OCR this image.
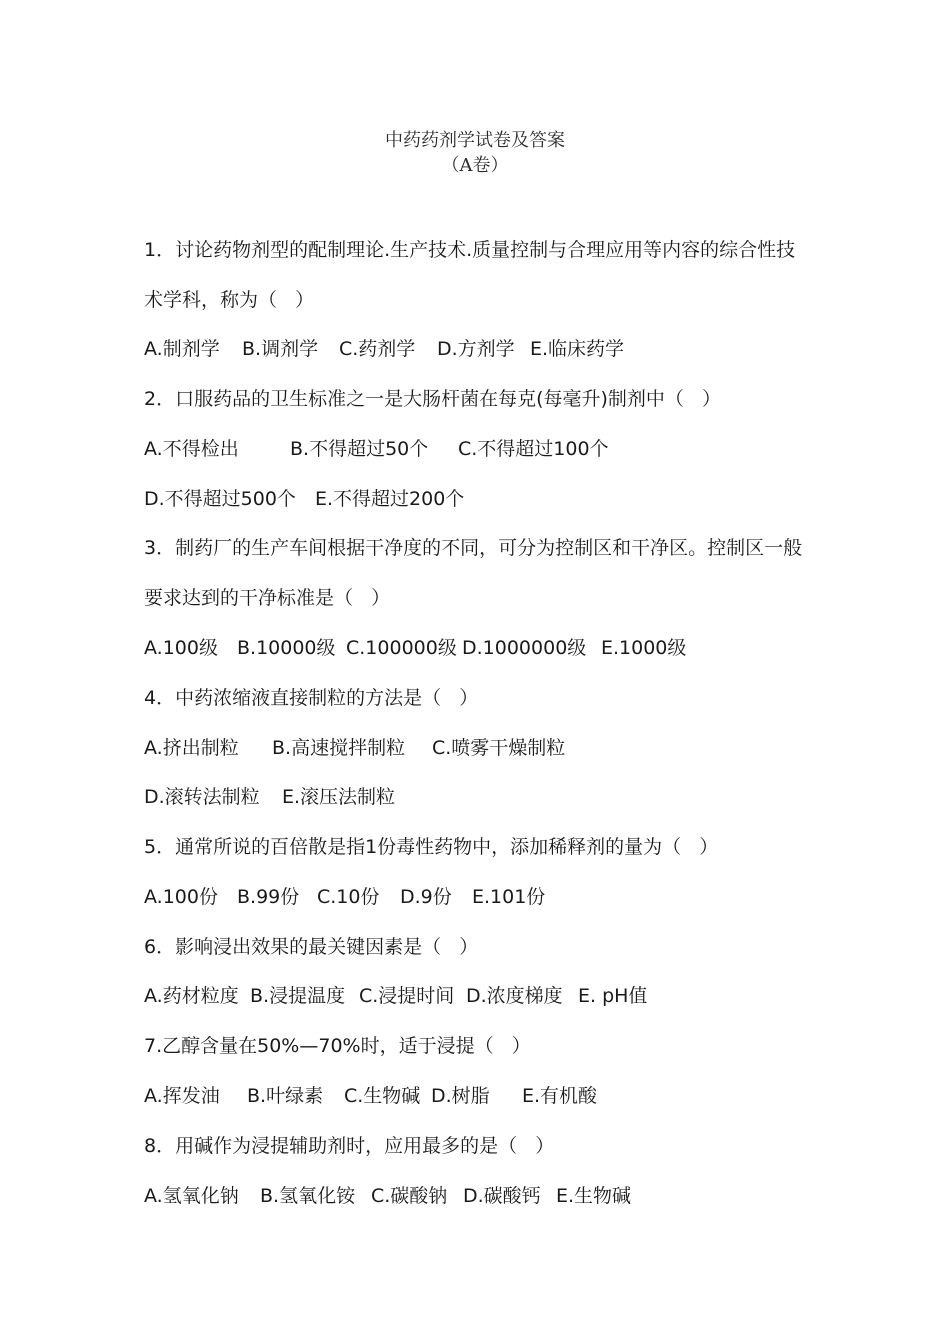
中药药剂学试卷及答案
（A卷）
1．讨论药物剂型的配制理论.生产技术.质量控制与合理应用等内容的综合性技
术学科，称为（   ）
A.制剂学 B.调剂学 C.药剂学 D.方剂学 E.临床药学
2．口服药品的卫生标准之一是大肠杆菌在每克(每毫升)制剂中（   ）
A.不得检出	B.不得超过50个 C.不得超过100个
D.不得超过500个 E.不得超过200个
3．制药厂的生产车间根据干净度的不同，可分为控制区和干净区。控制区一般
要求达到的干净标准是（   ）
A.100级 B.10000级 C.100000级 D.1000000级 E.1000级
4．中药浓缩液直接制粒的方法是（   ）
A.挤出制粒 B.高速搅拌制粒 C.喷雾干燥制粒
D.滚转法制粒 E.滚压法制粒
5．通常所说的百倍散是指1份毒性药物中，添加稀释剂的量为（   ）
A.100份 B.99份 C.10份 D.9份 E.101份
6．影响浸出效果的最关键因素是（   ）
A.药材粒度 B.浸提温度 C.浸提时间 D.浓度梯度 E. pH值
7.乙醇含量在50%—70%时，适于浸提（   ）
A.挥发油 B.叶绿素 C.生物碱 D.树脂 E.有机酸
8．用碱作为浸提辅助剂时，应用最多的是（   ）
A.氢氧化钠 B.氢氧化铵 C.碳酸钠 D.碳酸钙 E.生物碱
